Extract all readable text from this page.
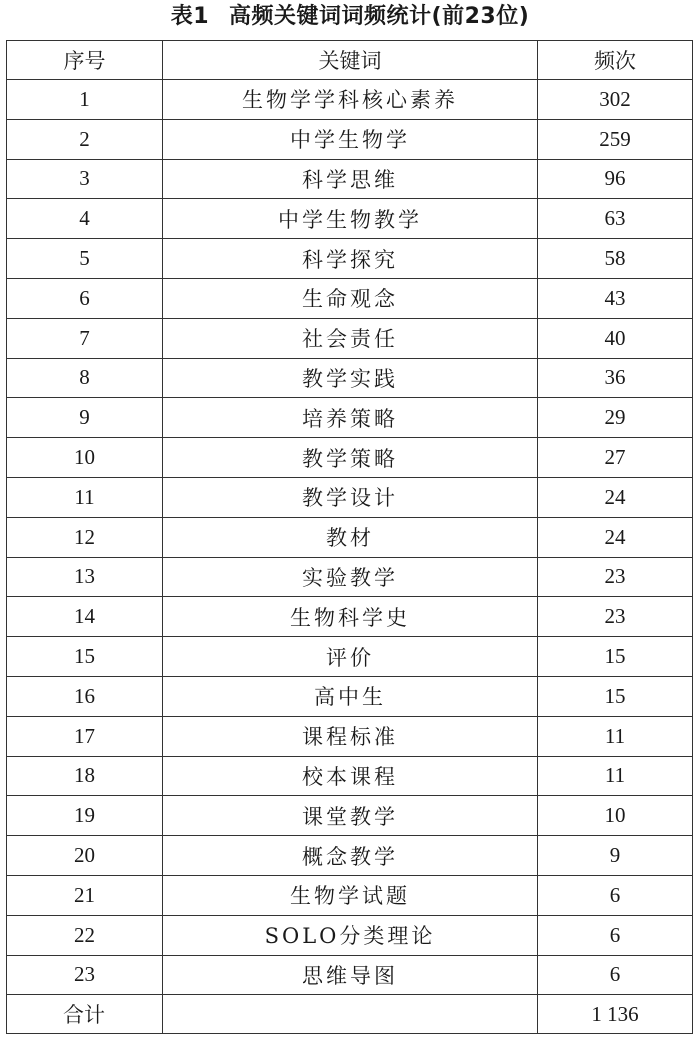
表1 高频关键词词频统计(前23位)
序号	关键词	频次
1	生物学学科核心素养	302
2	中学生物学	259
3	科学思维	96
4	中学生物教学	63
5	科学探究	58
6	生命观念	43
7	社会责任	40
8	教学实践	36
9	培养策略	29
10	教学策略	27
11	教学设计	24
12	教材	24
13	实验教学	23
14	生物科学史	23
15	评价	15
16	高中生	15
17	课程标准	11
18	校本课程	11
19	课堂教学	10
20	概念教学	9
21	生物学试题	6
22	SOLO分类理论	6
23	思维导图	6
合计		1 136
